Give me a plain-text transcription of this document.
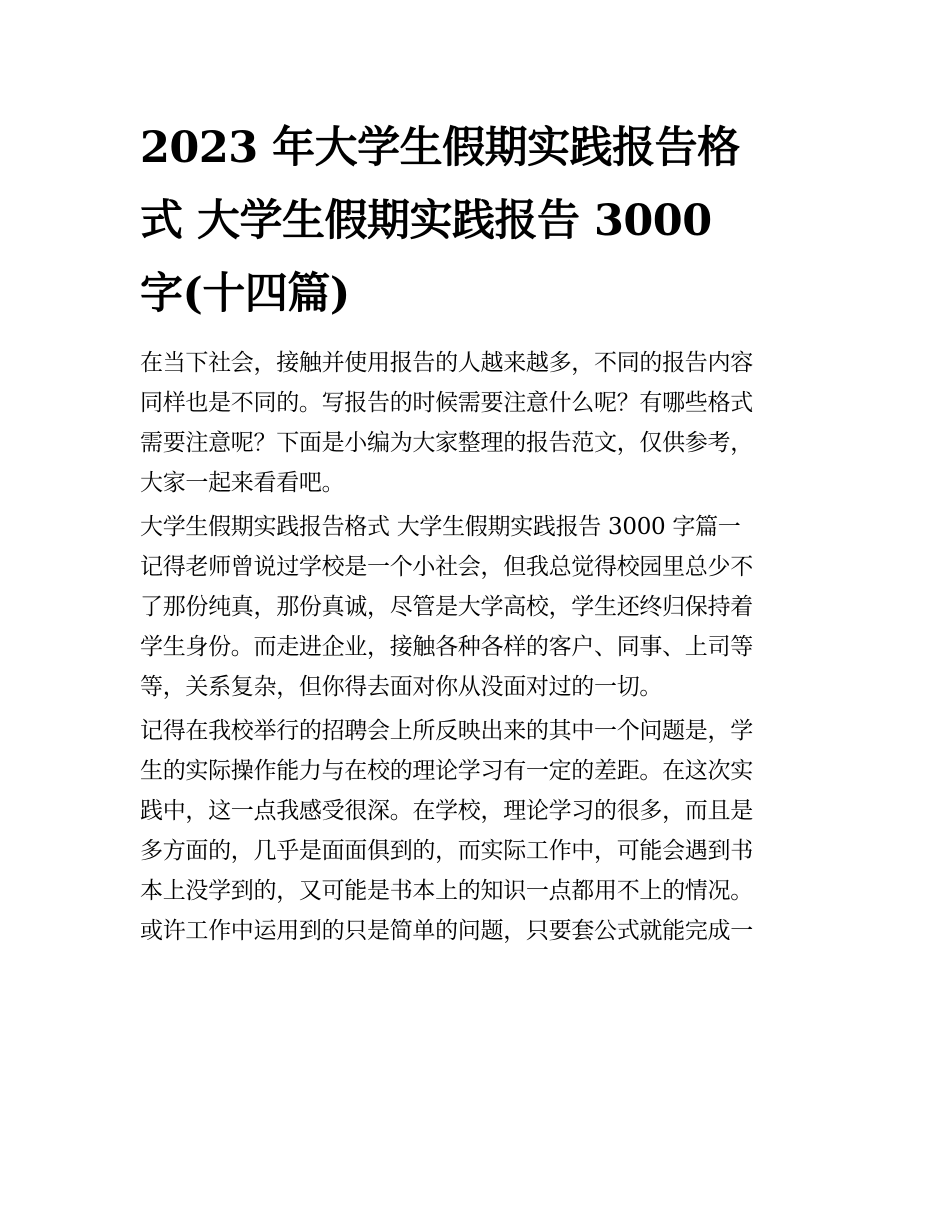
2023 年大学生假期实践报告格
式 大学生假期实践报告 3000
字(十四篇)

在当下社会，接触并使用报告的人越来越多，不同的报告内容
同样也是不同的。写报告的时候需要注意什么呢？有哪些格式
需要注意呢？下面是小编为大家整理的报告范文，仅供参考，
大家一起来看看吧。

大学生假期实践报告格式 大学生假期实践报告 3000 字篇一

记得老师曾说过学校是一个小社会，但我总觉得校园里总少不
了那份纯真，那份真诚，尽管是大学高校，学生还终归保持着
学生身份。而走进企业，接触各种各样的客户、同事、上司等
等，关系复杂，但你得去面对你从没面对过的一切。

记得在我校举行的招聘会上所反映出来的其中一个问题是，学
生的实际操作能力与在校的理论学习有一定的差距。在这次实
践中，这一点我感受很深。在学校，理论学习的很多，而且是
多方面的，几乎是面面俱到的，而实际工作中，可能会遇到书
本上没学到的，又可能是书本上的知识一点都用不上的情况。
或许工作中运用到的只是简单的问题，只要套公式就能完成一
